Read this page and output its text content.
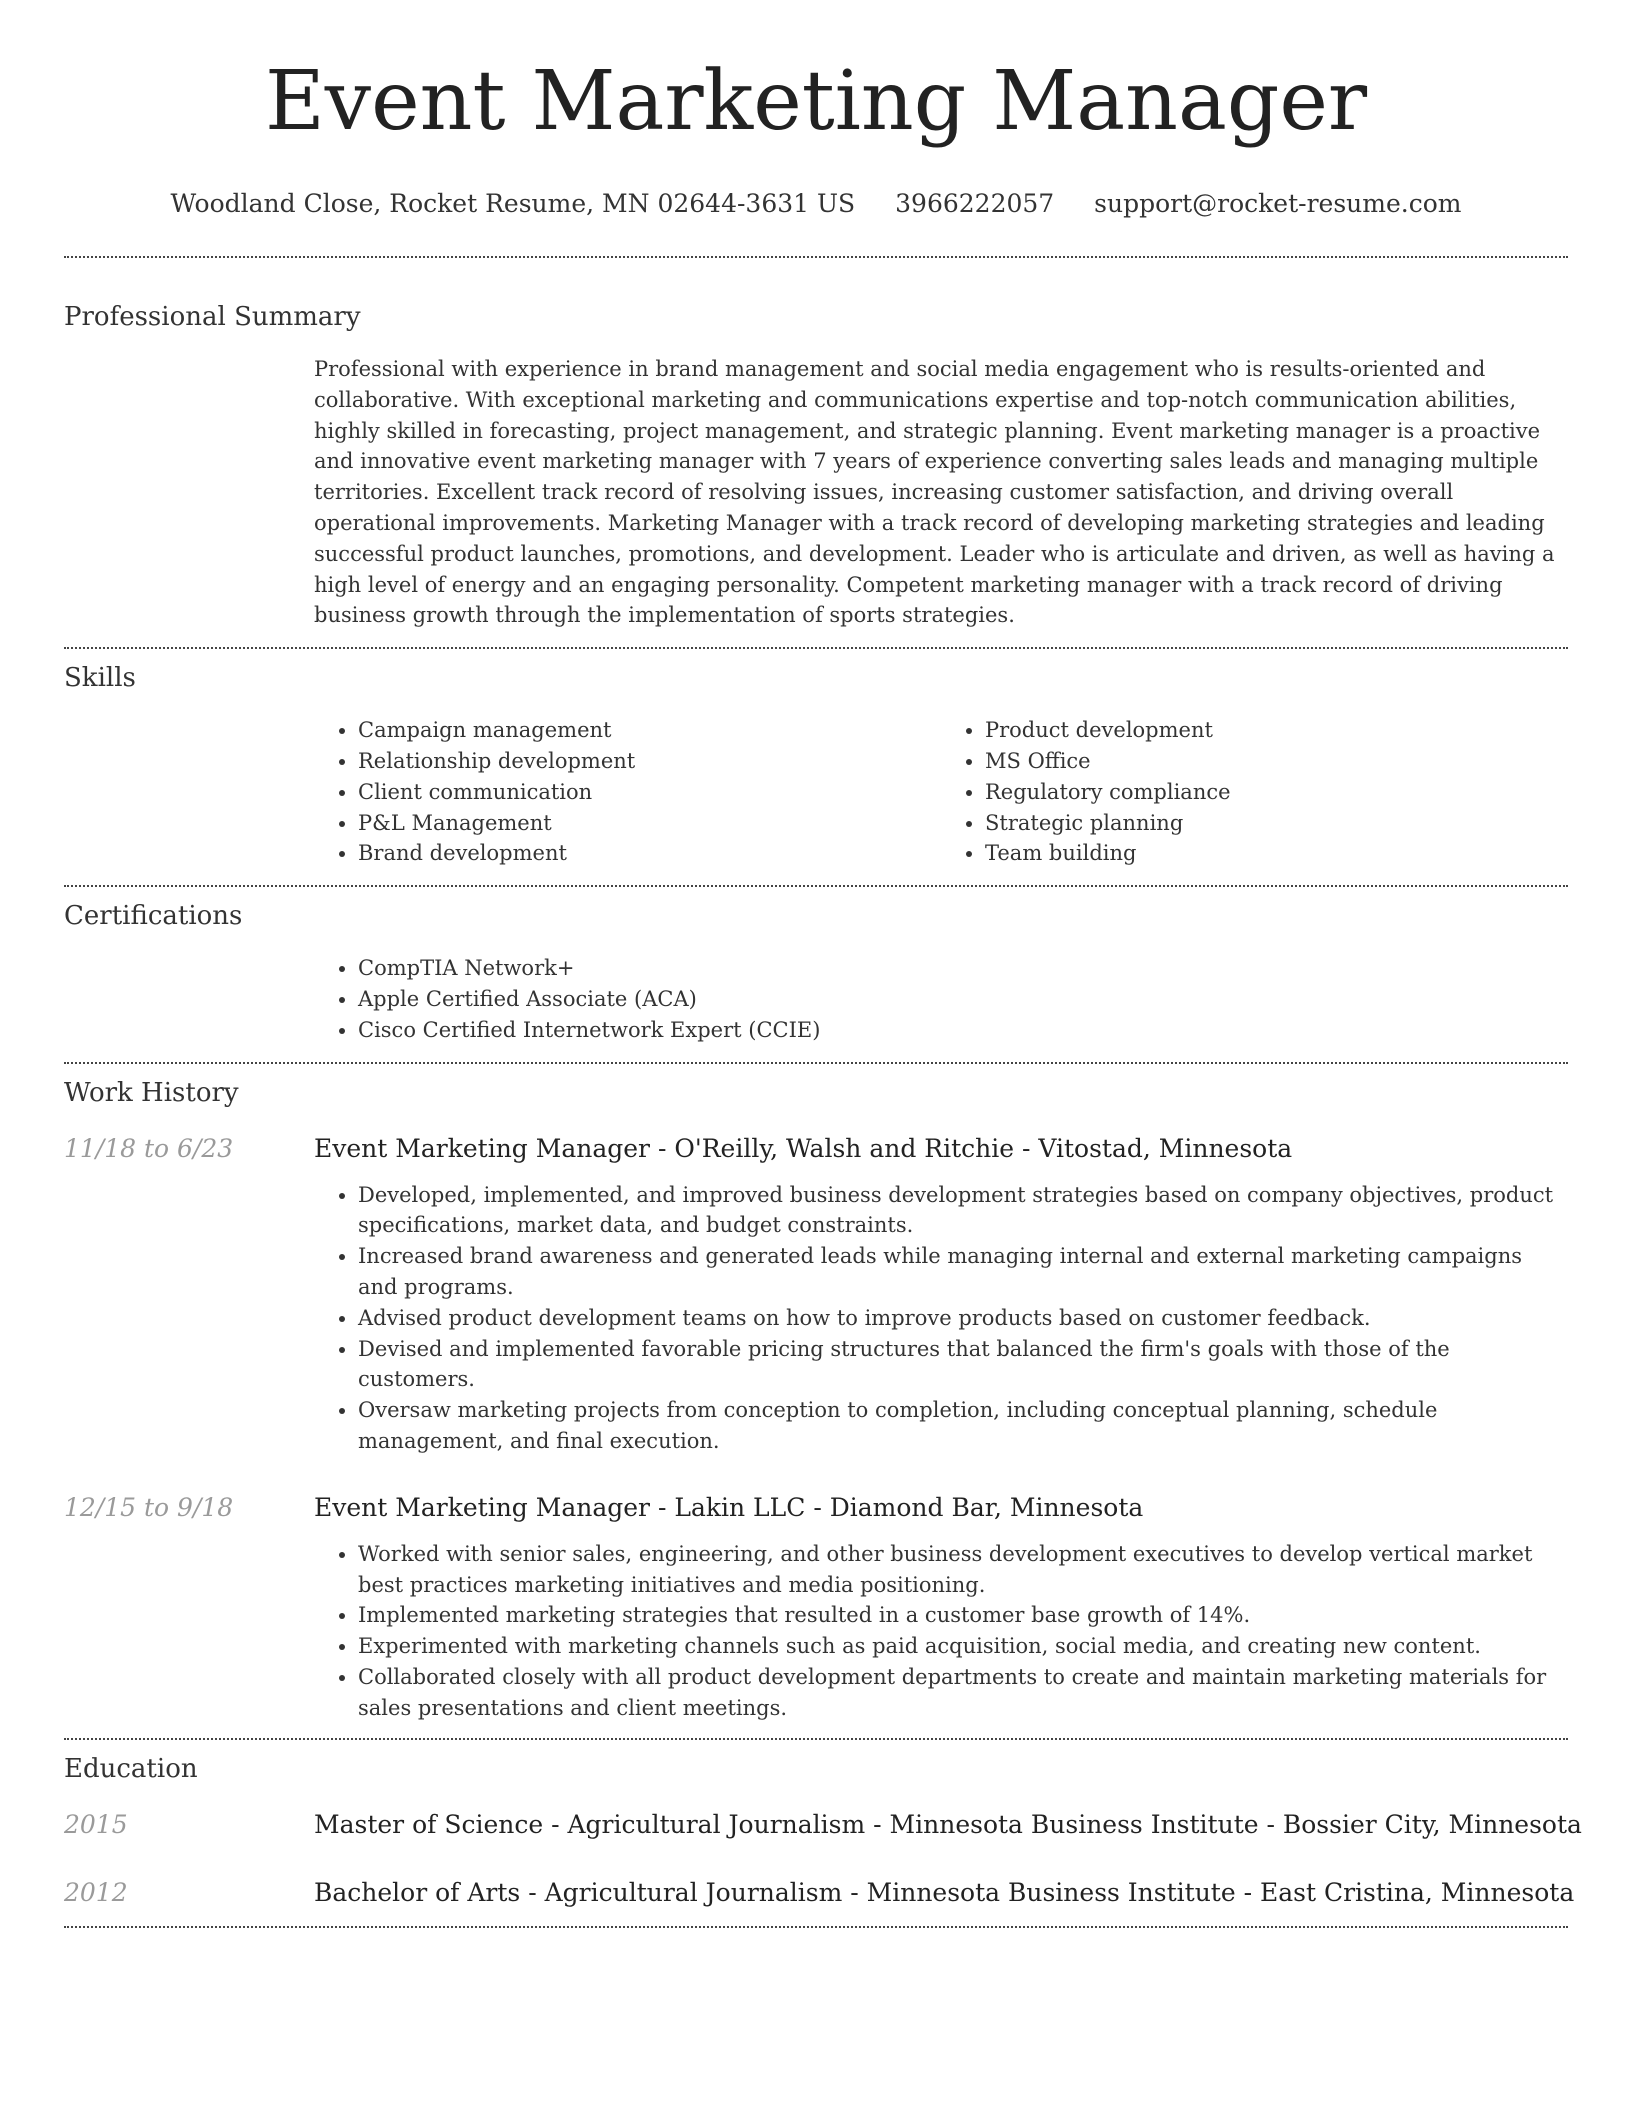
Event Marketing Manager
Woodland Close, Rocket Resume, MN 02644-3631 US 3966222057 support@rocket-resume.com
Professional Summary

Professional with experience in brand management and social media engagement who is results-oriented and collaborative. With exceptional marketing and communications expertise and top-notch communication abilities, highly skilled in forecasting, project management, and strategic planning. Event marketing manager is a proactive and innovative event marketing manager with 7 years of experience converting sales leads and managing multiple territories. Excellent track record of resolving issues, increasing customer satisfaction, and driving overall operational improvements. Marketing Manager with a track record of developing marketing strategies and leading successful product launches, promotions, and development. Leader who is articulate and driven, as well as having a high level of energy and an engaging personality. Competent marketing manager with a track record of driving business growth through the implementation of sports strategies.

Skills
• Campaign management
• Relationship development
• Client communication
• P&L Management
• Brand development
• Product development
• MS Office
• Regulatory compliance
• Strategic planning
• Team building
Certifications
• CompTIA Network+
• Apple Certified Associate (ACA)
• Cisco Certified Internetwork Expert (CCIE)
Work History
11/18 to 6/23	Event Marketing Manager - O'Reilly, Walsh and Ritchie - Vitostad, Minnesota
• Developed, implemented, and improved business development strategies based on company objectives, product specifications, market data, and budget constraints.
• Increased brand awareness and generated leads while managing internal and external marketing campaigns and programs.
• Advised product development teams on how to improve products based on customer feedback.
• Devised and implemented favorable pricing structures that balanced the firm's goals with those of the customers.
• Oversaw marketing projects from conception to completion, including conceptual planning, schedule management, and final execution.
12/15 to 9/18	Event Marketing Manager - Lakin LLC - Diamond Bar, Minnesota
• Worked with senior sales, engineering, and other business development executives to develop vertical market best practices marketing initiatives and media positioning.
• Implemented marketing strategies that resulted in a customer base growth of 14%.
• Experimented with marketing channels such as paid acquisition, social media, and creating new content.
• Collaborated closely with all product development departments to create and maintain marketing materials for sales presentations and client meetings.
Education
2015	Master of Science - Agricultural Journalism - Minnesota Business Institute - Bossier City, Minnesota
2012	Bachelor of Arts - Agricultural Journalism - Minnesota Business Institute - East Cristina, Minnesota
